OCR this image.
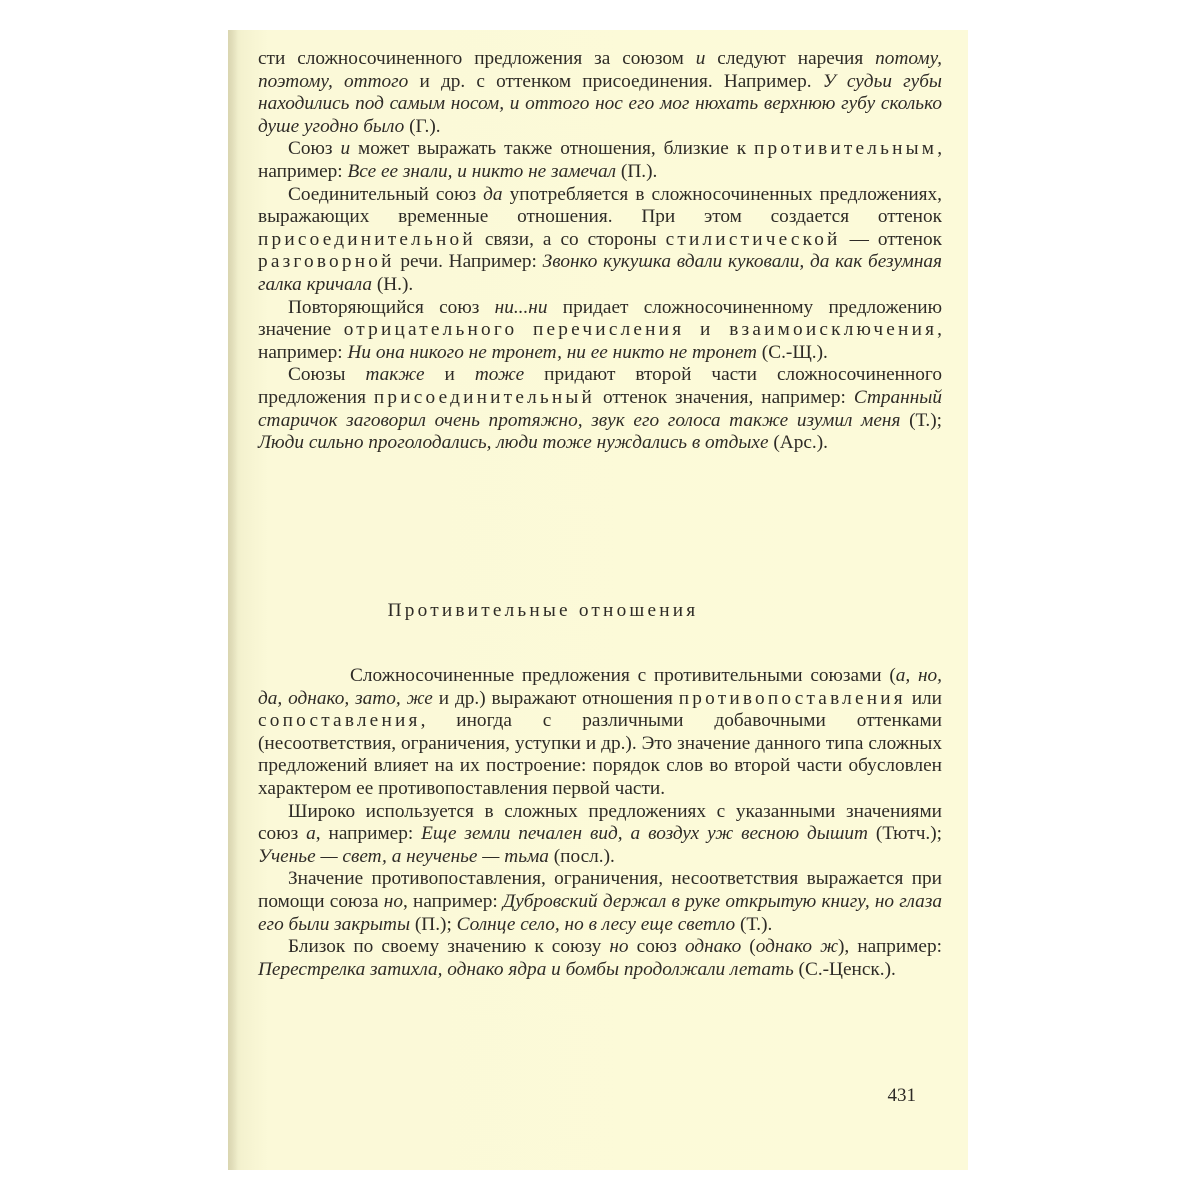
сти сложносочиненного предложения за союзом и следуют наречия потому, поэтому, оттого и др. с оттенком присоединения. Например. У судьи губы находились под самым носом, и оттого нос его мог нюхать верхнюю губу сколько душе угодно было (Г.).

Союз и может выражать также отношения, близкие к противительным, например: Все ее знали, и никто не замечал (П.).

Соединительный союз да употребляется в сложносочиненных предложениях, выражающих временные отношения. При этом создается оттенок присоединительной связи, а со стороны стилистической — оттенок разговорной речи. Например: Звонко кукушка вдали куковали, да как безумная галка кричала (Н.).

Повторяющийся союз ни...ни придает сложносочиненному предложению значение отрицательного перечисления и взаимоисключения, например: Ни она никого не тронет, ни ее никто не тронет (С.-Щ.).

Союзы также и тоже придают второй части сложносочиненного предложения присоединительный оттенок значения, например: Странный старичок заговорил очень протяжно, звук его голоса также изумил меня (Т.); Люди сильно проголодались, люди тоже нуждались в отдыхе (Арс.).

Противительные отношения

Сложносочиненные предложения с противительными союзами (а, но, да, однако, зато, же и др.) выражают отношения противопоставления или сопоставления, иногда с различными добавочными оттенками (несоответствия, ограничения, уступки и др.). Это значение данного типа сложных предложений влияет на их построение: порядок слов во второй части обусловлен характером ее противопоставления первой части.

Широко используется в сложных предложениях с указанными значениями союз а, например: Еще земли печален вид, а воздух уж весною дышит (Тютч.); Ученье — свет, а неученье — тьма (посл.).

Значение противопоставления, ограничения, несоответствия выражается при помощи союза но, например: Дубровский держал в руке открытую книгу, но глаза его были закрыты (П.); Солнце село, но в лесу еще светло (Т.).

Близок по своему значению к союзу но союз однако (однако ж), например: Перестрелка затихла, однако ядра и бомбы продолжали летать (С.-Ценск.).

431
